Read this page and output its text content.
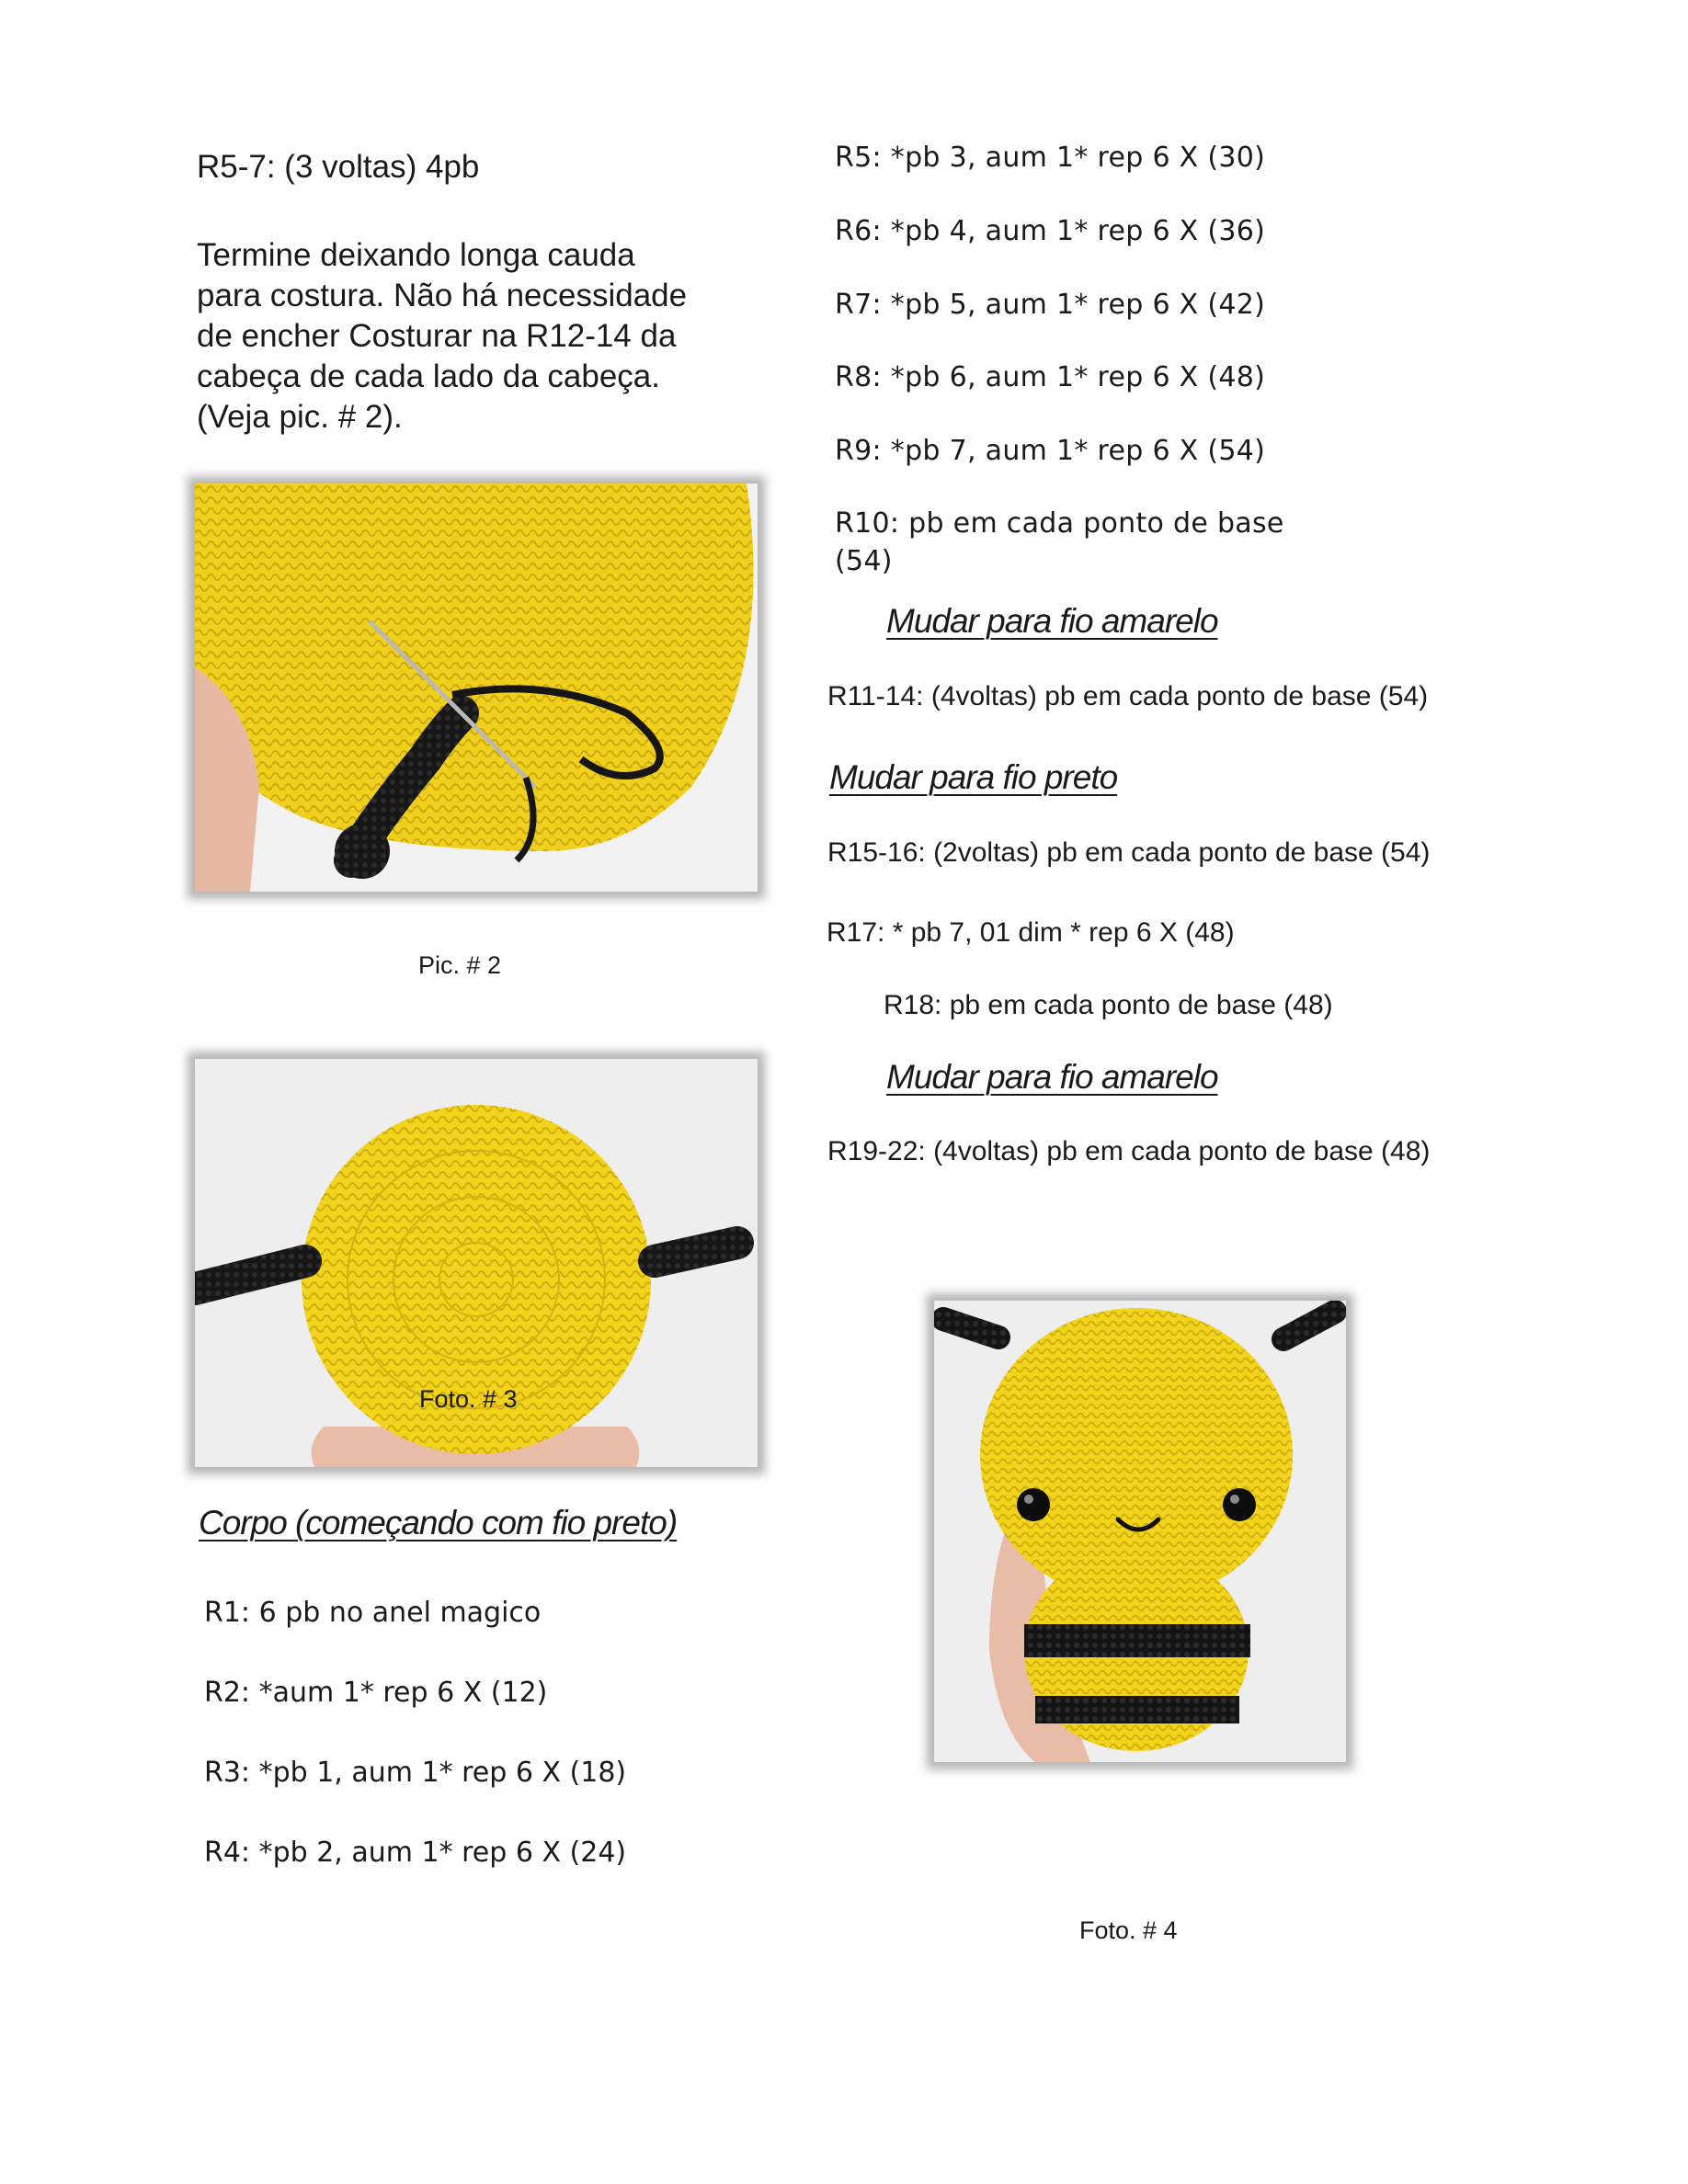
R5-7: (3 voltas) 4pb
Termine deixando longa cauda
para costura. Não há necessidade
de encher Costurar na R12-14 da
cabeça de cada lado da cabeça.
(Veja pic. # 2).
Pic. # 2
Foto. # 3
Corpo (começando com fio preto)
R1: 6 pb no anel magico
R2: *aum 1* rep 6 X (12)
R3: *pb 1, aum 1* rep 6 X (18)
R4: *pb 2, aum 1* rep 6 X (24)
R5: *pb 3, aum 1* rep 6 X (30)
R6: *pb 4, aum 1* rep 6 X (36)
R7: *pb 5, aum 1* rep 6 X (42)
R8: *pb 6, aum 1* rep 6 X (48)
R9: *pb 7, aum 1* rep 6 X (54)
R10: pb em cada ponto de base
(54)
Mudar para fio amarelo
R11-14: (4voltas) pb em cada ponto de base (54)
Mudar para fio preto
R15-16: (2voltas) pb em cada ponto de base (54)
R17: * pb 7, 01 dim * rep 6 X (48)
R18: pb em cada ponto de base (48)
Mudar para fio amarelo
R19-22: (4voltas) pb em cada ponto de base (48)
Foto. # 4
